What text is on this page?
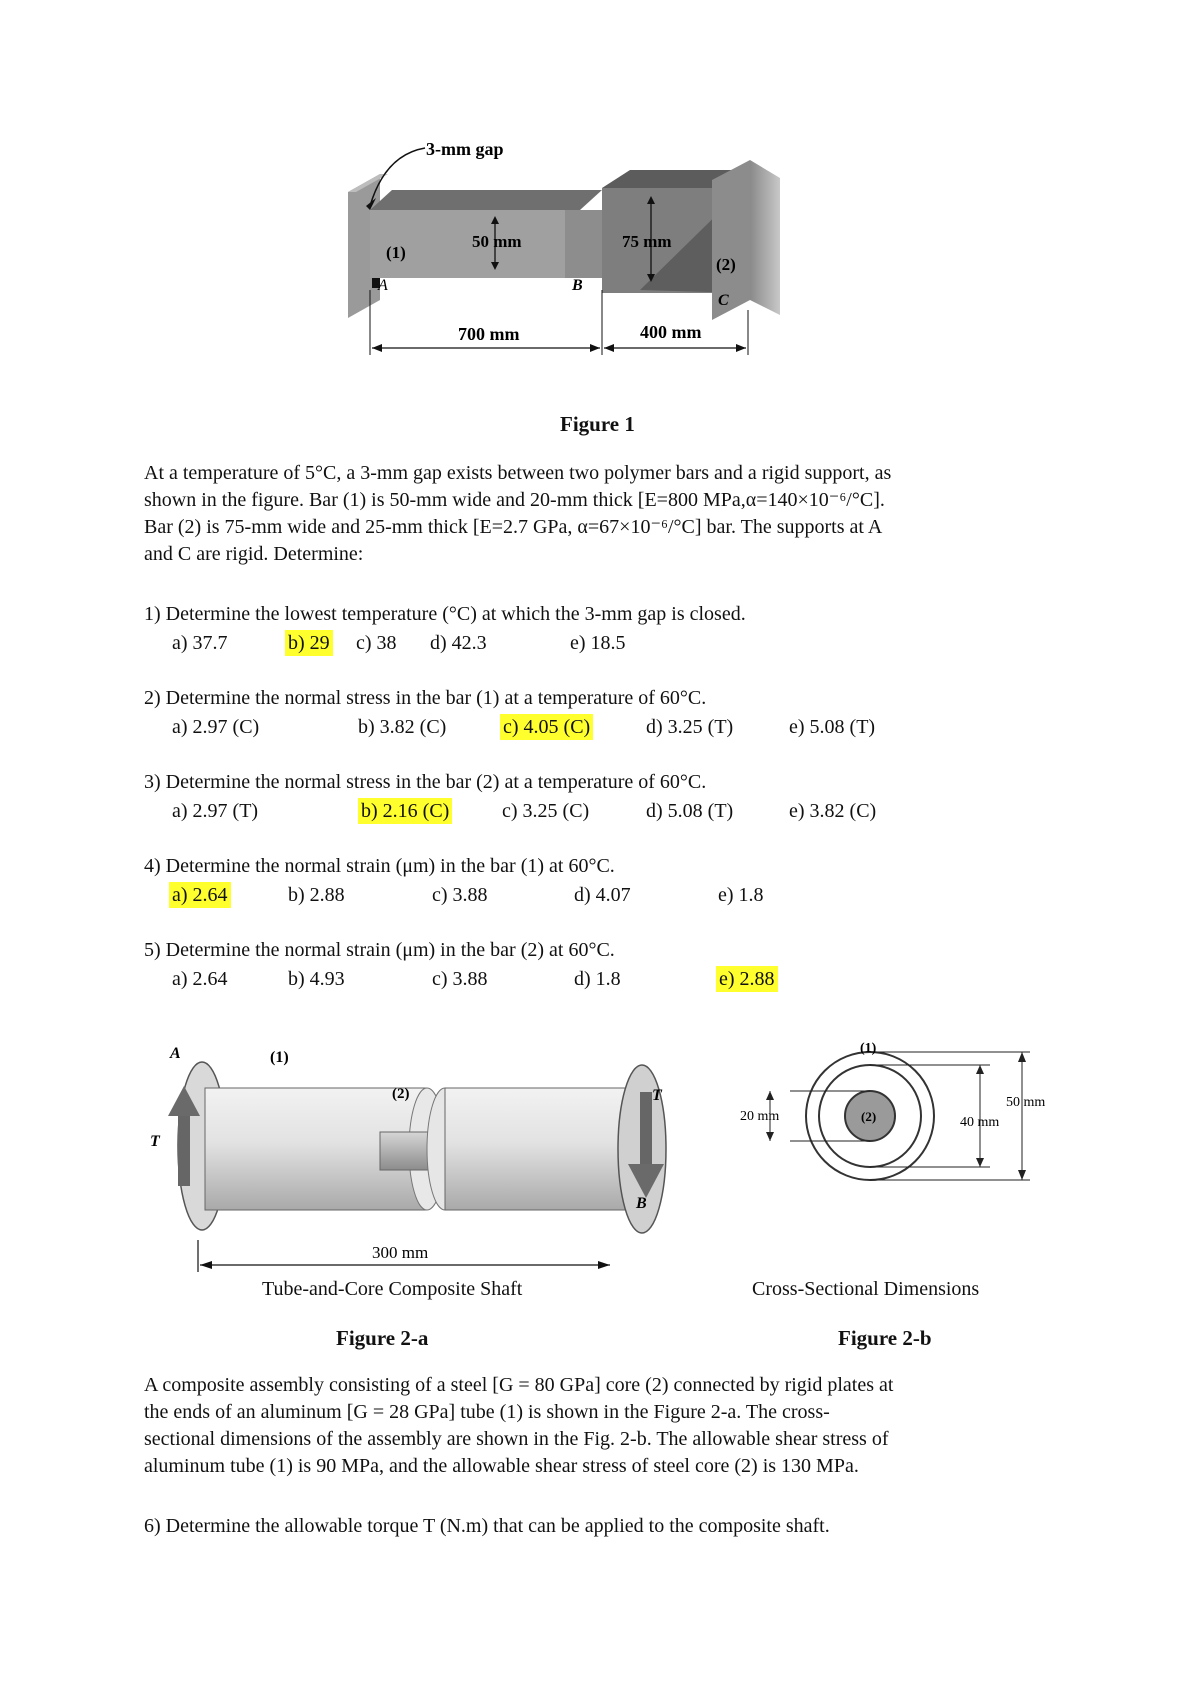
3-mm gap
(1)
50 mm	75 mm
(2)
A	B
C
700 mm	400 mm
Figure 1
At a temperature of 5°C, a 3-mm gap exists between two polymer bars and a rigid support, as
shown in the figure. Bar (1) is 50-mm wide and 20-mm thick [E=800 MPa,α=140×10⁻⁶/°C].
Bar (2) is 75-mm wide and 25-mm thick [E=2.7 GPa, α=67×10⁻⁶/°C] bar. The supports at A
and C are rigid. Determine:
1) Determine the lowest temperature (°C) at which the 3-mm gap is closed.
a) 37.7	b) 29 c) 38 d) 42.3	e) 18.5
2) Determine the normal stress in the bar (1) at a temperature of 60°C.
a) 2.97 (C)	b) 3.82 (C)	c) 4.05 (C)	d) 3.25 (T)	e) 5.08 (T)
3) Determine the normal stress in the bar (2) at a temperature of 60°C.
a) 2.97 (T)	b) 2.16 (C)	c) 3.25 (C)	d) 5.08 (T)	e) 3.82 (C)
4) Determine the normal strain (μm) in the bar (1) at 60°C.
a) 2.64	b) 2.88	c) 3.88	d) 4.07	e) 1.8
5) Determine the normal strain (μm) in the bar (2) at 60°C.
a) 2.64	b) 4.93	c) 3.88	d) 1.8	e) 2.88
A	(1)
(2)
T
T
B
300 mm
Tube-and-Core Composite Shaft
(1)
(2)
20 mm	40 mm
50 mm
Cross-Sectional Dimensions
Figure 2-a	Figure 2-b
A composite assembly consisting of a steel [G = 80 GPa] core (2) connected by rigid plates at
the ends of an aluminum [G = 28 GPa] tube (1) is shown in the Figure 2-a. The cross-
sectional dimensions of the assembly are shown in the Fig. 2-b. The allowable shear stress of
aluminum tube (1) is 90 MPa, and the allowable shear stress of steel core (2) is 130 MPa.
6) Determine the allowable torque T (N.m) that can be applied to the composite shaft.
